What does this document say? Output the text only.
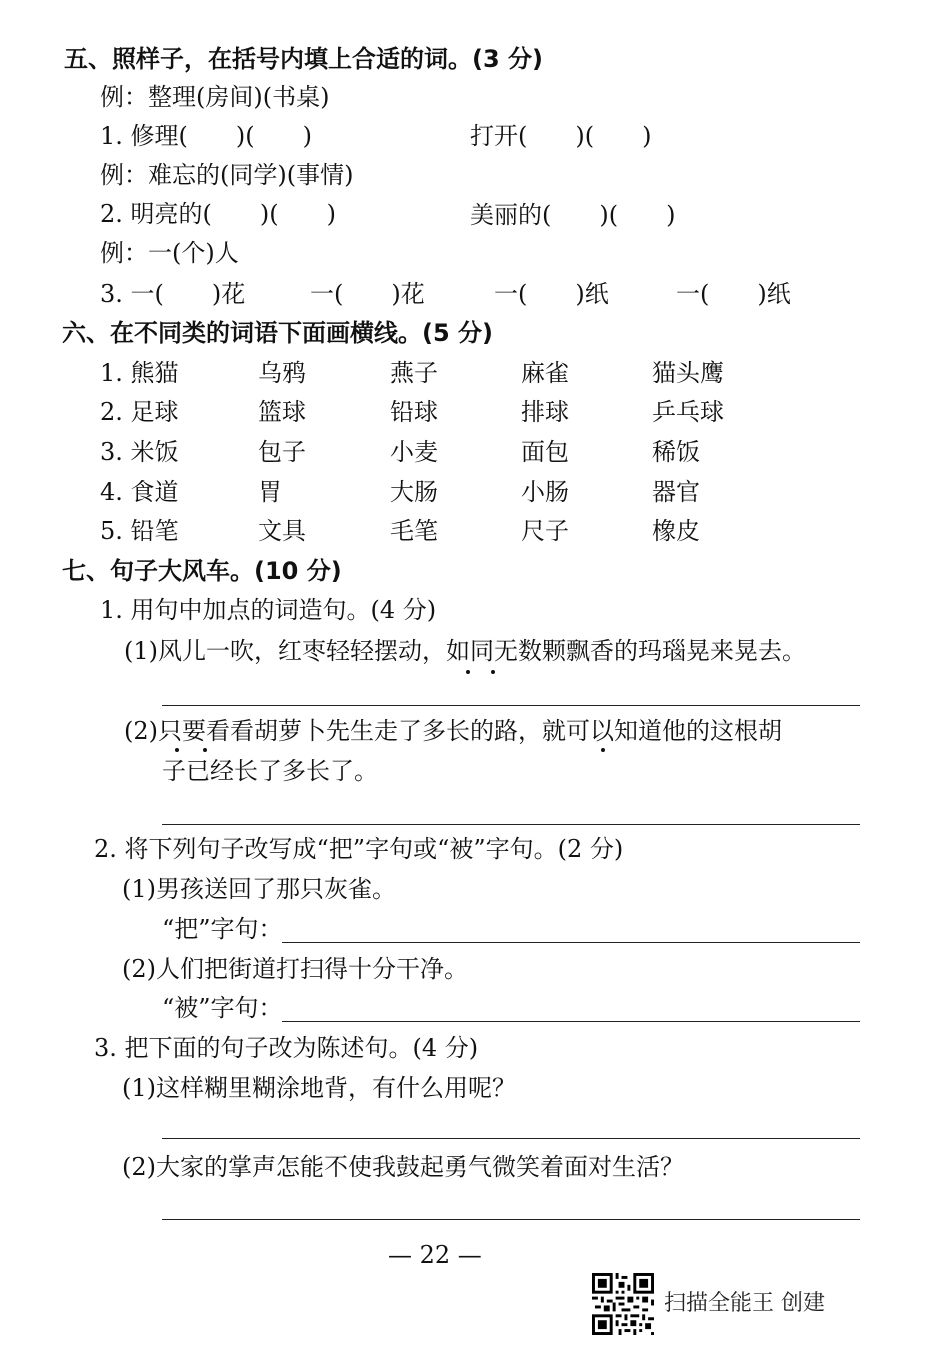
五、照样子，在括号内填上合适的词。(3 分)
例：整理(房间)(书桌)
1. 修理(　　)(　　)	打开(　　)(　　)
例：难忘的(同学)(事情)
2. 明亮的(　　)(　　)	美丽的(　　)(　　)
例：一(个)人
3. 一(　　)花	一(　　)花	一(　　)纸	一(　　)纸
六、在不同类的词语下面画横线。(5 分)
1. 熊猫	乌鸦	燕子	麻雀	猫头鹰
2. 足球	篮球	铅球	排球	乒乓球
3. 米饭	包子	小麦	面包	稀饭
4. 食道	胃	大肠	小肠	器官
5. 铅笔	文具	毛笔	尺子	橡皮
七、句子大风车。(10 分)
1. 用句中加点的词造句。(4 分)
(1)风儿一吹，红枣轻轻摆动，如同无数颗飘香的玛瑙晃来晃去。
(2)只要看看胡萝卜先生走了多长的路，就可以知道他的这根胡
子已经长了多长了。
2. 将下列句子改写成“把”字句或“被”字句。(2 分)
(1)男孩送回了那只灰雀。
“把”字句：
(2)人们把街道打扫得十分干净。
“被”字句：
3. 把下面的句子改为陈述句。(4 分)
(1)这样糊里糊涂地背，有什么用呢？
(2)大家的掌声怎能不使我鼓起勇气微笑着面对生活？
— 22 —
扫描全能王 创建
